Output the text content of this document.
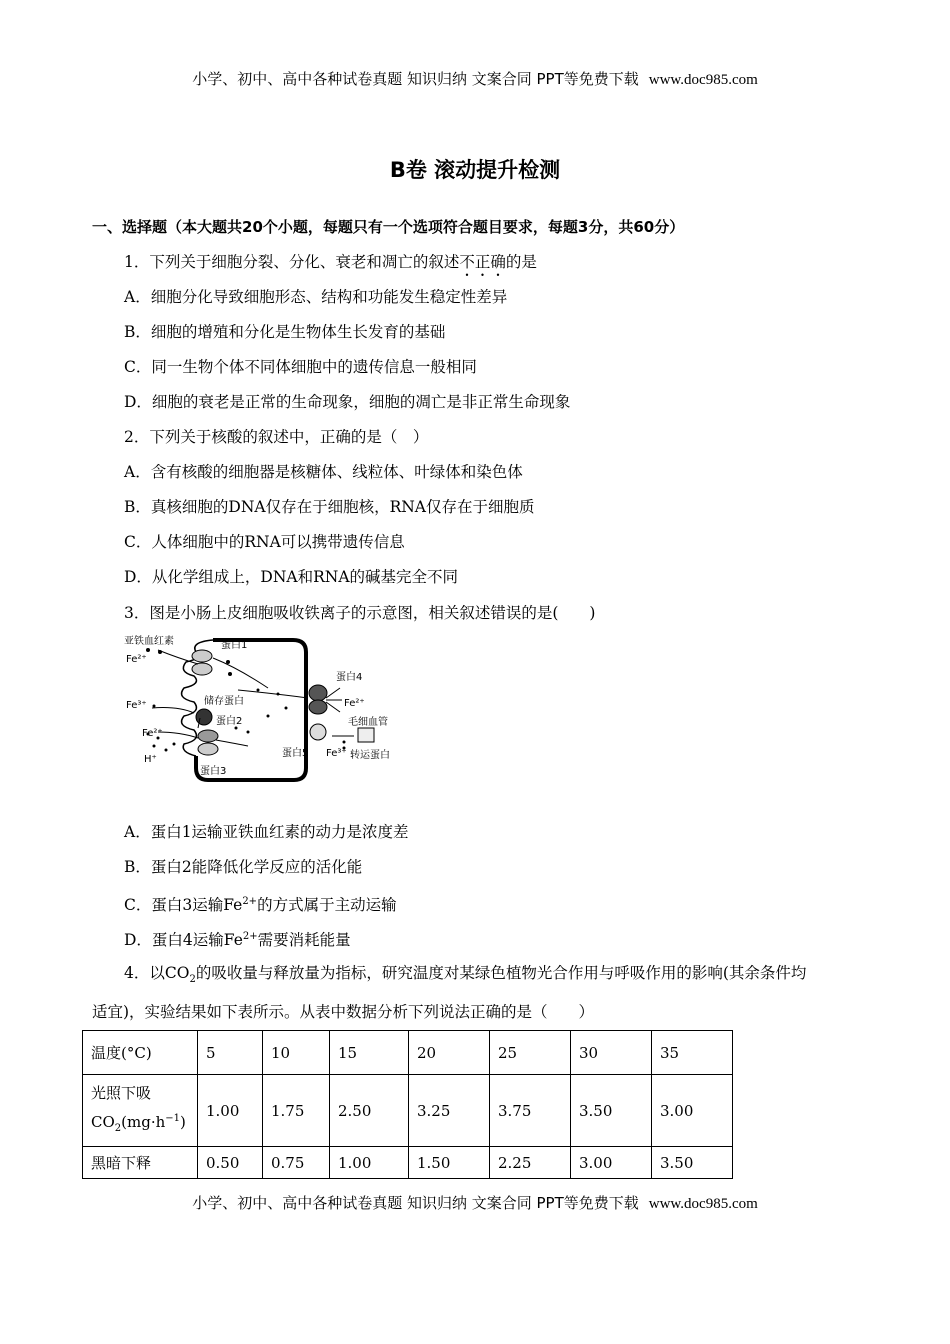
小学、初中、高中各种试卷真题 知识归纳 文案合同 PPT等免费下载 www.doc985.com
B卷 滚动提升检测
一、选择题（本大题共20个小题，每题只有一个选项符合题目要求，每题3分，共60分）
1．下列关于细胞分裂、分化、衰老和凋亡的叙述不正确的是
A．细胞分化导致细胞形态、结构和功能发生稳定性差异
B．细胞的增殖和分化是生物体生长发育的基础
C．同一生物个体不同体细胞中的遗传信息一般相同
D．细胞的衰老是正常的生命现象，细胞的凋亡是非正常生命现象
2．下列关于核酸的叙述中，正确的是（　）
A．含有核酸的细胞器是核糖体、线粒体、叶绿体和染色体
B．真核细胞的DNA仅存在于细胞核，RNA仅存在于细胞质
C．人体细胞中的RNA可以携带遗传信息
D．从化学组成上，DNA和RNA的碱基完全不同
3．图是小肠上皮细胞吸收铁离子的示意图，相关叙述错误的是(　　)
亚铁血红素
Fe²⁺
蛋白1
蛋白4
Fe²⁺
Fe³⁺	储存蛋白
蛋白2
Fe²⁺
H⁺
蛋白3
蛋白5 Fe³⁺
毛细血管
转运蛋白
A．蛋白1运输亚铁血红素的动力是浓度差
B．蛋白2能降低化学反应的活化能
C．蛋白3运输$Fe^{2+}$的方式属于主动运输
D．蛋白4运输$Fe^{2+}$需要消耗能量
4．以$CO_2$的吸收量与释放量为指标，研究温度对某绿色植物光合作用与呼吸作用的影响(其余条件均
适宜)，实验结果如下表所示。从表中数据分析下列说法正确的是（　　）
温度(°C)	5	10	15	20	25	30	35
光照下吸
$CO_2(mg\cdot h^{-1})$	1.00	1.75	2.50	3.25	3.75	3.50	3.00
黑暗下释	0.50	0.75	1.00	1.50	2.25	3.00	3.50
小学、初中、高中各种试卷真题 知识归纳 文案合同 PPT等免费下载 www.doc985.com
